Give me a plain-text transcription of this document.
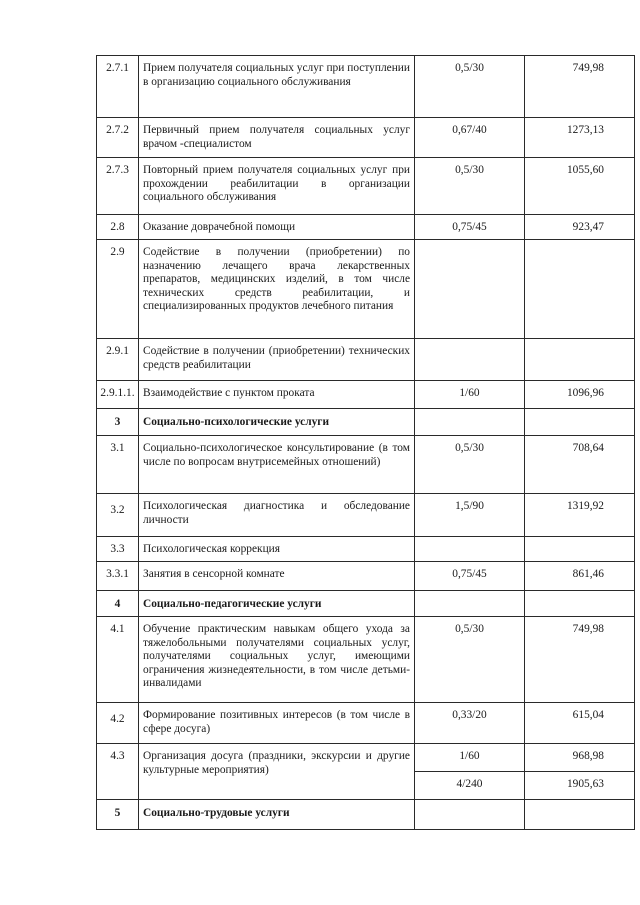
2.7.1	Прием получателя социальных услуг при поступлении в организацию социального обслуживания	0,5/30	749,98
2.7.2	Первичный прием получателя социальных услуг врачом -специалистом	0,67/40	1273,13
2.7.3	Повторный прием получателя социальных услуг при прохождении реабилитации в организации социального обслуживания	0,5/30	1055,60
2.8	Оказание доврачебной помощи	0,75/45	923,47
2.9	Содействие в получении (приобретении) по назначению лечащего врача лекарственных препаратов, медицинских изделий, в том числе технических средств реабилитации, и специализированных продуктов лечебного питания		
2.9.1	Содействие в получении (приобретении) технических средств реабилитации		
2.9.1.1.	Взаимодействие с пунктом проката	1/60	1096,96
3	Социально-психологические услуги		
3.1	Социально-психологическое консультирование (в том числе по вопросам внутрисемейных отношений)	0,5/30	708,64
3.2	Психологическая диагностика и обследование личности	1,5/90	1319,92
3.3	Психологическая коррекция		
3.3.1	Занятия в сенсорной комнате	0,75/45	861,46
4	Социально-педагогические услуги		
4.1	Обучение практическим навыкам общего ухода за тяжелобольными получателями социальных услуг, получателями социальных услуг, имеющими ограничения жизнедеятельности, в том числе детьми-инвалидами	0,5/30	749,98
4.2	Формирование позитивных интересов (в том числе в сфере досуга)	0,33/20	615,04
4.3	Организация досуга (праздники, экскурсии и другие культурные мероприятия)	1/60	968,98
		4/240	1905,63
5	Социально-трудовые услуги		
